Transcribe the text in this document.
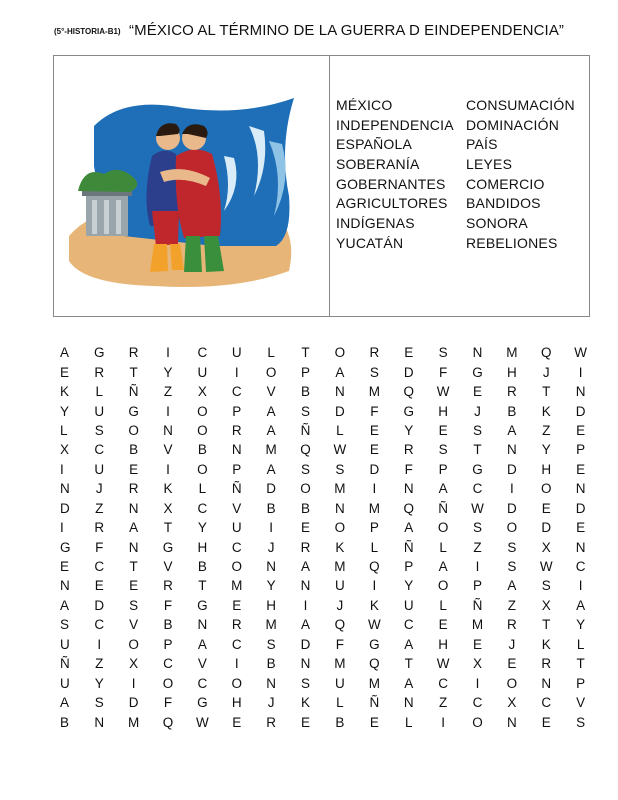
(5°-HISTORIA-B1) “MÉXICO AL TÉRMINO DE LA GUERRA D EINDEPENDENCIA”
MÉXICO	CONSUMACIÓN
INDEPENDENCIA DOMINACIÓN
ESPAÑOLA	PAÍS
SOBERANÍA	LEYES
GOBERNANTES COMERCIO
AGRICULTORES BANDIDOS
INDÍGENAS	SONORA
YUCATÁN	REBELIONES
A	G	R	I	C	U	L	T	O	R	E	S	N	M	Q	W
E	R	T	Y	U	I	O	P	A	S	D	F	G	H	J	I
K	L	Ñ	Z	X	C	V	B	N	M	Q	W	E	R	T	N
Y	U	G	I	O	P	A	S	D	F	G	H	J	B	K	D
L	S	O	N	O	R	A	Ñ	L	E	Y	E	S	A	Z	E
X	C	B	V	B	N	M	Q	W	E	R	S	T	N	Y	P
I	U	E	I	O	P	A	S	S	D	F	P	G	D	H	E
N	J	R	K	L	Ñ	D	O	M	I	N	A	C	I	O	N
D	Z	N	X	C	V	B	B	N	M	Q	Ñ	W	D	E	D
I	R	A	T	Y	U	I	E	O	P	A	O	S	O	D	E
G	F	N	G	H	C	J	R	K	L	Ñ	L	Z	S	X	N
E	C	T	V	B	O	N	A	M	Q	P	A	I	S	W	C
N	E	E	R	T	M	Y	N	U	I	Y	O	P	A	S	I
A	D	S	F	G	E	H	I	J	K	U	L	Ñ	Z	X	A
S	C	V	B	N	R	M	A	Q	W	C	E	M	R	T	Y
U	I	O	P	A	C	S	D	F	G	A	H	E	J	K	L
Ñ	Z	X	C	V	I	B	N	M	Q	T	W	X	E	R	T
U	Y	I	O	C	O	N	S	U	M	A	C	I	O	N	P
A	S	D	F	G	H	J	K	L	Ñ	N	Z	C	X	C	V
B	N	M	Q	W	E	R	E	B	E	L	I	O	N	E	S
